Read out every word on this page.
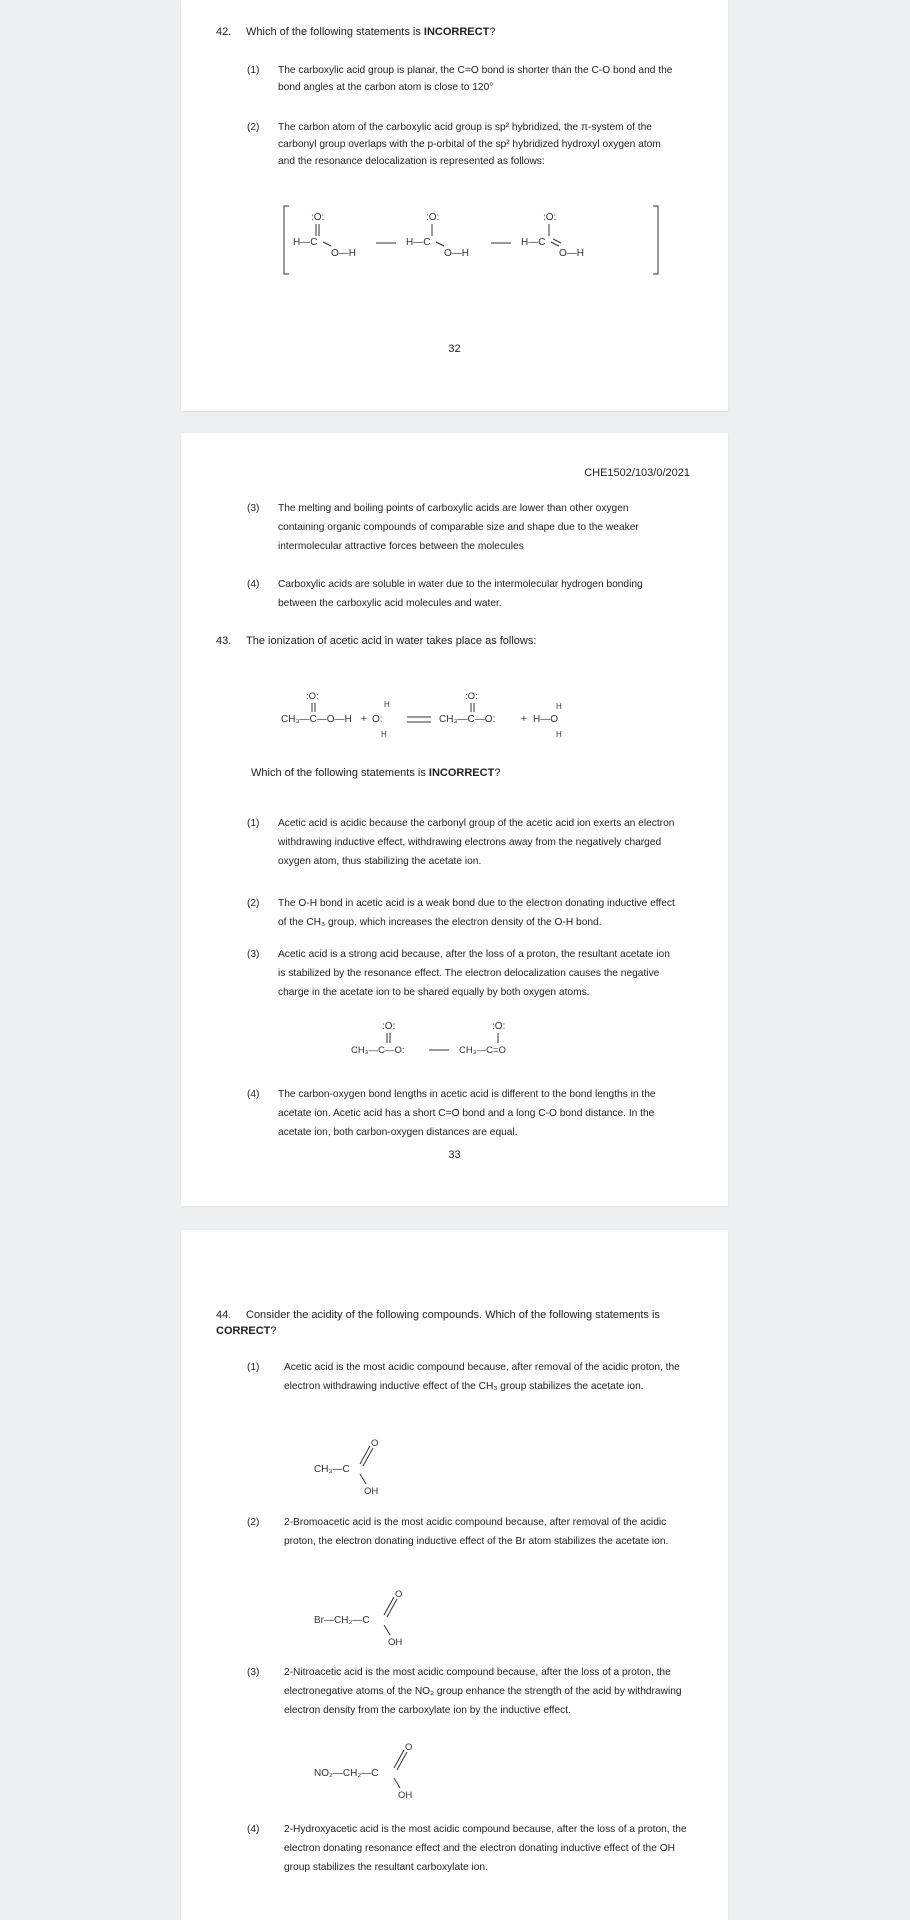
42. Which of the following statements is INCORRECT?
(1)	The carboxylic acid group is planar, the C=O bond is shorter than the C-O bond and the bond angles at the carbon atom is close to 120°
(2)	The carbon atom of the carboxylic acid group is sp² hybridized, the π-system of the carbonyl group overlaps with the p-orbital of the sp² hybridized hydroxyl oxygen atom and the resonance delocalization is represented as follows:
:O:
H—C
O—H
:O:
H—C
O—H
:O:
H—C
O—H
32
CHE1502/103/0/2021
(3)	The melting and boiling points of carboxylic acids are lower than other oxygen containing organic compounds of comparable size and shape due to the weaker intermolecular attractive forces between the molecules
(4)	Carboxylic acids are soluble in water due to the intermolecular hydrogen bonding between the carboxylic acid molecules and water.
43. The ionization of acetic acid in water takes place as follows:
:O:
CH₃—C—O—H + O:
H
H
:O:
CH₃—C—O:	+ H—O
H
H
Which of the following statements is INCORRECT?
(1)	Acetic acid is acidic because the carbonyl group of the acetic acid ion exerts an electron withdrawing inductive effect, withdrawing electrons away from the negatively charged oxygen atom, thus stabilizing the acetate ion.
(2)	The O-H bond in acetic acid is a weak bond due to the electron donating inductive effect of the CH₃ group, which increases the electron density of the O-H bond.
(3)	Acetic acid is a strong acid because, after the loss of a proton, the resultant acetate ion is stabilized by the resonance effect. The electron delocalization causes the negative charge in the acetate ion to be shared equally by both oxygen atoms.
:O:
CH₃—C—O:
:O:
CH₃—C=O
(4)	The carbon-oxygen bond lengths in acetic acid is different to the bond lengths in the acetate ion. Acetic acid has a short C=O bond and a long C-O bond distance. In the acetate ion, both carbon-oxygen distances are equal.
33
44. Consider the acidity of the following compounds. Which of the following statements is CORRECT?
(1)	Acetic acid is the most acidic compound because, after removal of the acidic proton, the electron withdrawing inductive effect of the CH₃ group stabilizes the acetate ion.
CH₃—C
O
OH
(2)	2-Bromoacetic acid is the most acidic compound because, after removal of the acidic proton, the electron donating inductive effect of the Br atom stabilizes the acetate ion.
Br—CH₂—C
O
OH
(3)	2-Nitroacetic acid is the most acidic compound because, after the loss of a proton, the electronegative atoms of the NO₂ group enhance the strength of the acid by withdrawing electron density from the carboxylate ion by the inductive effect.
NO₂—CH₂—C
O
OH
(4)	2-Hydroxyacetic acid is the most acidic compound because, after the loss of a proton, the electron donating resonance effect and the electron donating inductive effect of the OH group stabilizes the resultant carboxylate ion.
